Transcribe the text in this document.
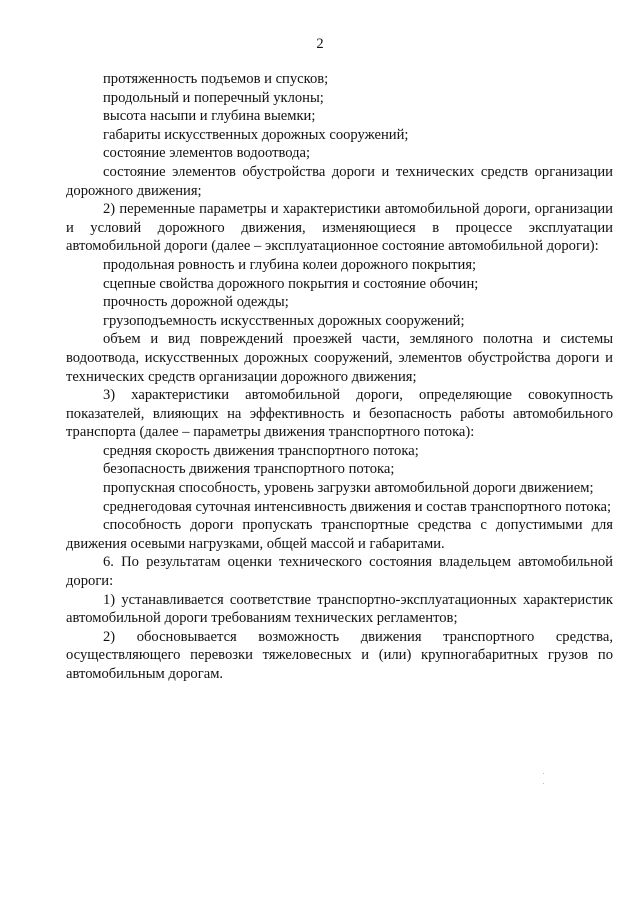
2

протяженность подъемов и спусков;

продольный и поперечный уклоны;

высота насыпи и глубина выемки;

габариты искусственных дорожных сооружений;

состояние элементов водоотвода;

состояние элементов обустройства дороги и технических средств организации дорожного движения;

2) переменные параметры и характеристики автомобильной дороги, организации и условий дорожного движения, изменяющиеся в процессе эксплуатации автомобильной дороги (далее – эксплуатационное состояние автомобильной дороги):

продольная ровность и глубина колеи дорожного покрытия;

сцепные свойства дорожного покрытия и состояние обочин;

прочность дорожной одежды;

грузоподъемность искусственных дорожных сооружений;

объем и вид повреждений проезжей части, земляного полотна и системы водоотвода, искусственных дорожных сооружений, элементов обустройства дороги и технических средств организации дорожного движения;

3) характеристики автомобильной дороги, определяющие совокупность показателей, влияющих на эффективность и безопасность работы автомобильного транспорта (далее – параметры движения транспортного потока):

средняя скорость движения транспортного потока;

безопасность движения транспортного потока;

пропускная способность, уровень загрузки автомобильной дороги движением;

среднегодовая суточная интенсивность движения и состав транспортного потока;

способность дороги пропускать транспортные средства с допустимыми для движения осевыми нагрузками, общей массой и габаритами.

6. По результатам оценки технического состояния владельцем автомобильной дороги:

1) устанавливается соответствие транспортно-эксплуатационных характеристик автомобильной дороги требованиям технических регламентов;

2) обосновывается возможность движения транспортного средства, осуществляющего перевозки тяжеловесных и (или) крупногабаритных грузов по автомобильным дорогам.
